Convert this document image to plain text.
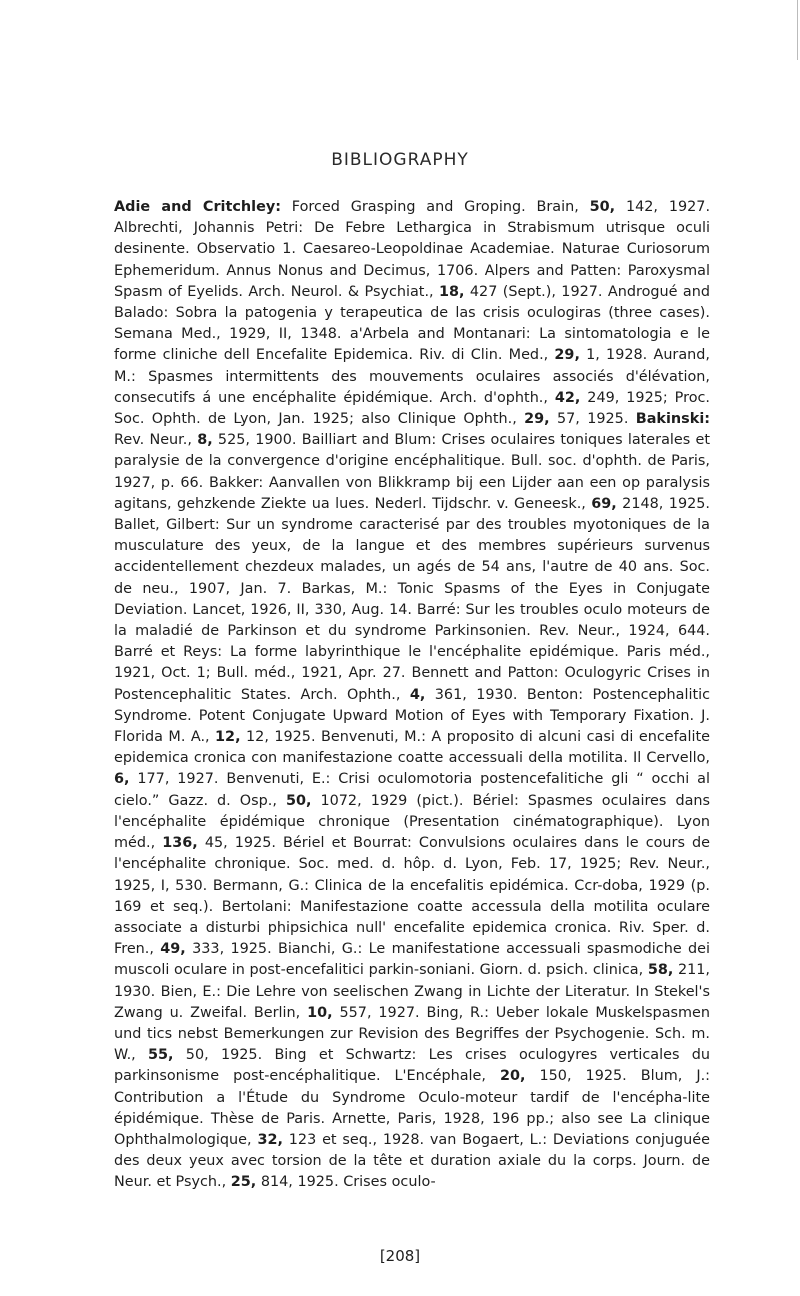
BIBLIOGRAPHY

Adie and Critchley: Forced Grasping and Groping. Brain, 50, 142, 1927. Albrechti, Johannis Petri: De Febre Lethargica in Strabismum utrisque oculi desinente. Observatio 1. Caesareo-Leopoldinae Academiae. Naturae Curiosorum Ephemeridum. Annus Nonus and Decimus, 1706. Alpers and Patten: Paroxysmal Spasm of Eyelids. Arch. Neurol. & Psychiat., 18, 427 (Sept.), 1927. Androgué and Balado: Sobra la patogenia y terapeutica de las crisis oculogiras (three cases). Semana Med., 1929, II, 1348. a'Arbela and Montanari: La sintomatologia e le forme cliniche dell Encefalite Epidemica. Riv. di Clin. Med., 29, 1, 1928. Aurand, M.: Spasmes intermittents des mouvements oculaires associés d'élévation, consecutifs á une encéphalite épidémique. Arch. d'ophth., 42, 249, 1925; Proc. Soc. Ophth. de Lyon, Jan. 1925; also Clinique Ophth., 29, 57, 1925. Bakinski: Rev. Neur., 8, 525, 1900. Bailliart and Blum: Crises oculaires toniques laterales et paralysie de la convergence d'origine encéphalitique. Bull. soc. d'ophth. de Paris, 1927, p. 66. Bakker: Aanvallen von Blikkramp bij een Lijder aan een op paralysis agitans, gehzkende Ziekte ua lues. Nederl. Tijdschr. v. Geneesk., 69, 2148, 1925. Ballet, Gilbert: Sur un syndrome caracterisé par des troubles myotoniques de la musculature des yeux, de la langue et des membres supérieurs survenus accidentellement chezdeux malades, un agés de 54 ans, l'autre de 40 ans. Soc. de neu., 1907, Jan. 7. Barkas, M.: Tonic Spasms of the Eyes in Conjugate Deviation. Lancet, 1926, II, 330, Aug. 14. Barré: Sur les troubles oculo moteurs de la maladié de Parkinson et du syndrome Parkinsonien. Rev. Neur., 1924, 644. Barré et Reys: La forme labyrinthique le l'encéphalite epidémique. Paris méd., 1921, Oct. 1; Bull. méd., 1921, Apr. 27. Bennett and Patton: Oculogyric Crises in Postencephalitic States. Arch. Ophth., 4, 361, 1930. Benton: Postencephalitic Syndrome. Potent Conjugate Upward Motion of Eyes with Temporary Fixation. J. Florida M. A., 12, 12, 1925. Benvenuti, M.: A proposito di alcuni casi di encefalite epidemica cronica con manifestazione coatte accessuali della motilita. Il Cervello, 6, 177, 1927. Benvenuti, E.: Crisi oculomotoria postencefalitiche gli “ occhi al cielo.” Gazz. d. Osp., 50, 1072, 1929 (pict.). Bériel: Spasmes oculaires dans l'encéphalite épidémique chronique (Presentation cinématographique). Lyon méd., 136, 45, 1925. Bériel et Bourrat: Convulsions oculaires dans le cours de l'encéphalite chronique. Soc. med. d. hôp. d. Lyon, Feb. 17, 1925; Rev. Neur., 1925, I, 530. Bermann, G.: Clinica de la encefalitis epidémica. Ccr-doba, 1929 (p. 169 et seq.). Bertolani: Manifestazione coatte accessula della motilita oculare associate a disturbi phipsichica null' encefalite epidemica cronica. Riv. Sper. d. Fren., 49, 333, 1925. Bianchi, G.: Le manifestatione accessuali spasmodiche dei muscoli oculare in post-encefalitici parkin-soniani. Giorn. d. psich. clinica, 58, 211, 1930. Bien, E.: Die Lehre von seelischen Zwang in Lichte der Literatur. In Stekel's Zwang u. Zweifal. Berlin, 10, 557, 1927. Bing, R.: Ueber lokale Muskelspasmen und tics nebst Bemerkungen zur Revision des Begriffes der Psychogenie. Sch. m. W., 55, 50, 1925. Bing et Schwartz: Les crises oculogyres verticales du parkinsonisme post-encéphalitique. L'Encéphale, 20, 150, 1925. Blum, J.: Contribution a l'Étude du Syndrome Oculo-moteur tardif de l'encépha-lite épidémique. Thèse de Paris. Arnette, Paris, 1928, 196 pp.; also see La clinique Ophthalmologique, 32, 123 et seq., 1928. van Bogaert, L.: Deviations conjuguée des deux yeux avec torsion de la tête et duration axiale du la corps. Journ. de Neur. et Psych., 25, 814, 1925. Crises oculo-

[208]
